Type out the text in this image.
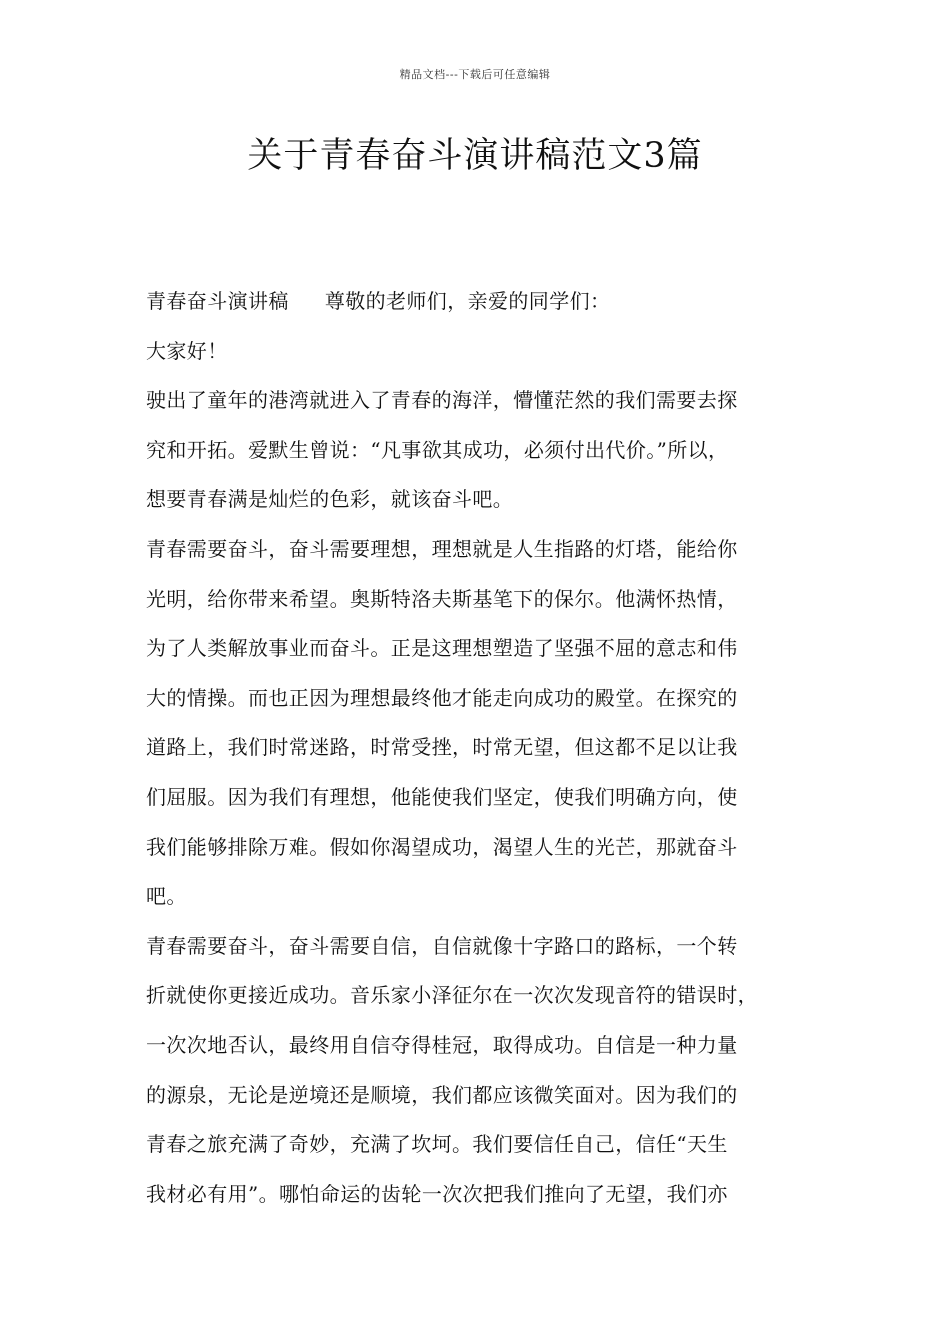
精品文档---下载后可任意编辑
关于青春奋斗演讲稿范文3篇
青春奋斗演讲稿 尊敬的老师们，亲爱的同学们：
大家好！
驶出了童年的港湾就进入了青春的海洋，懵懂茫然的我们需要去探
究和开拓。爱默生曾说：“凡事欲其成功，必须付出代价。”所以，
想要青春满是灿烂的色彩，就该奋斗吧。
青春需要奋斗，奋斗需要理想，理想就是人生指路的灯塔，能给你
光明，给你带来希望。奥斯特洛夫斯基笔下的保尔。他满怀热情，
为了人类解放事业而奋斗。正是这理想塑造了坚强不屈的意志和伟
大的情操。而也正因为理想最终他才能走向成功的殿堂。在探究的
道路上，我们时常迷路，时常受挫，时常无望，但这都不足以让我
们屈服。因为我们有理想，他能使我们坚定，使我们明确方向，使
我们能够排除万难。假如你渴望成功，渴望人生的光芒，那就奋斗
吧。
青春需要奋斗，奋斗需要自信，自信就像十字路口的路标，一个转
折就使你更接近成功。音乐家小泽征尔在一次次发现音符的错误时，
一次次地否认，最终用自信夺得桂冠，取得成功。自信是一种力量
的源泉，无论是逆境还是顺境，我们都应该微笑面对。因为我们的
青春之旅充满了奇妙，充满了坎坷。我们要信任自己，信任“天生
我材必有用”。哪怕命运的齿轮一次次把我们推向了无望，我们亦
